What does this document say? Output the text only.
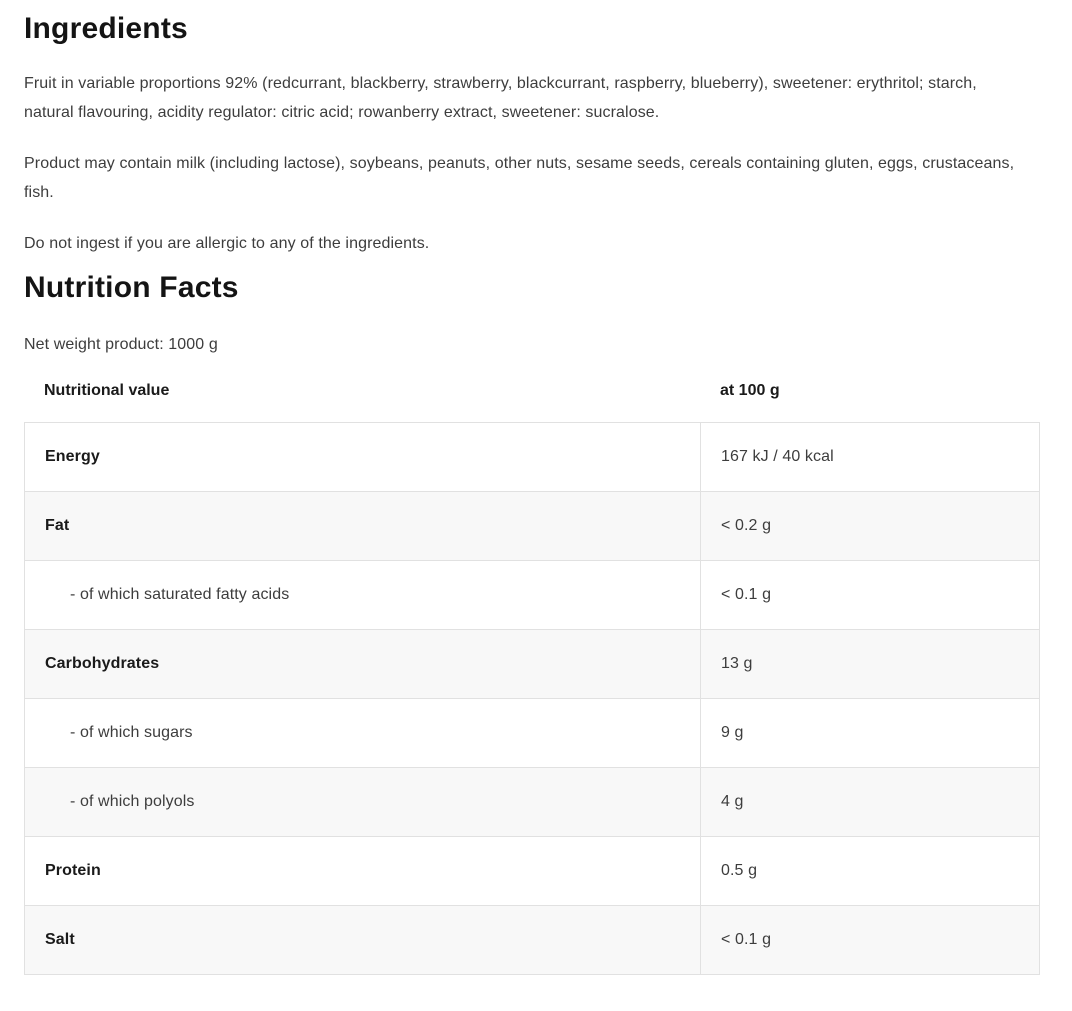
Ingredients

Fruit in variable proportions 92% (redcurrant, blackberry, strawberry, blackcurrant, raspberry, blueberry), sweetener: erythritol; starch, natural flavouring, acidity regulator: citric acid; rowanberry extract, sweetener: sucralose.

Product may contain milk (including lactose), soybeans, peanuts, other nuts, sesame seeds, cereals containing gluten, eggs, crustaceans, fish.

Do not ingest if you are allergic to any of the ingredients.

Nutrition Facts

Net weight product: 1000 g

Nutritional value	at 100 g
Energy	167 kJ / 40 kcal
Fat	< 0.2 g
- of which saturated fatty acids	< 0.1 g
Carbohydrates	13 g
- of which sugars	9 g
- of which polyols	4 g
Protein	0.5 g
Salt	< 0.1 g
